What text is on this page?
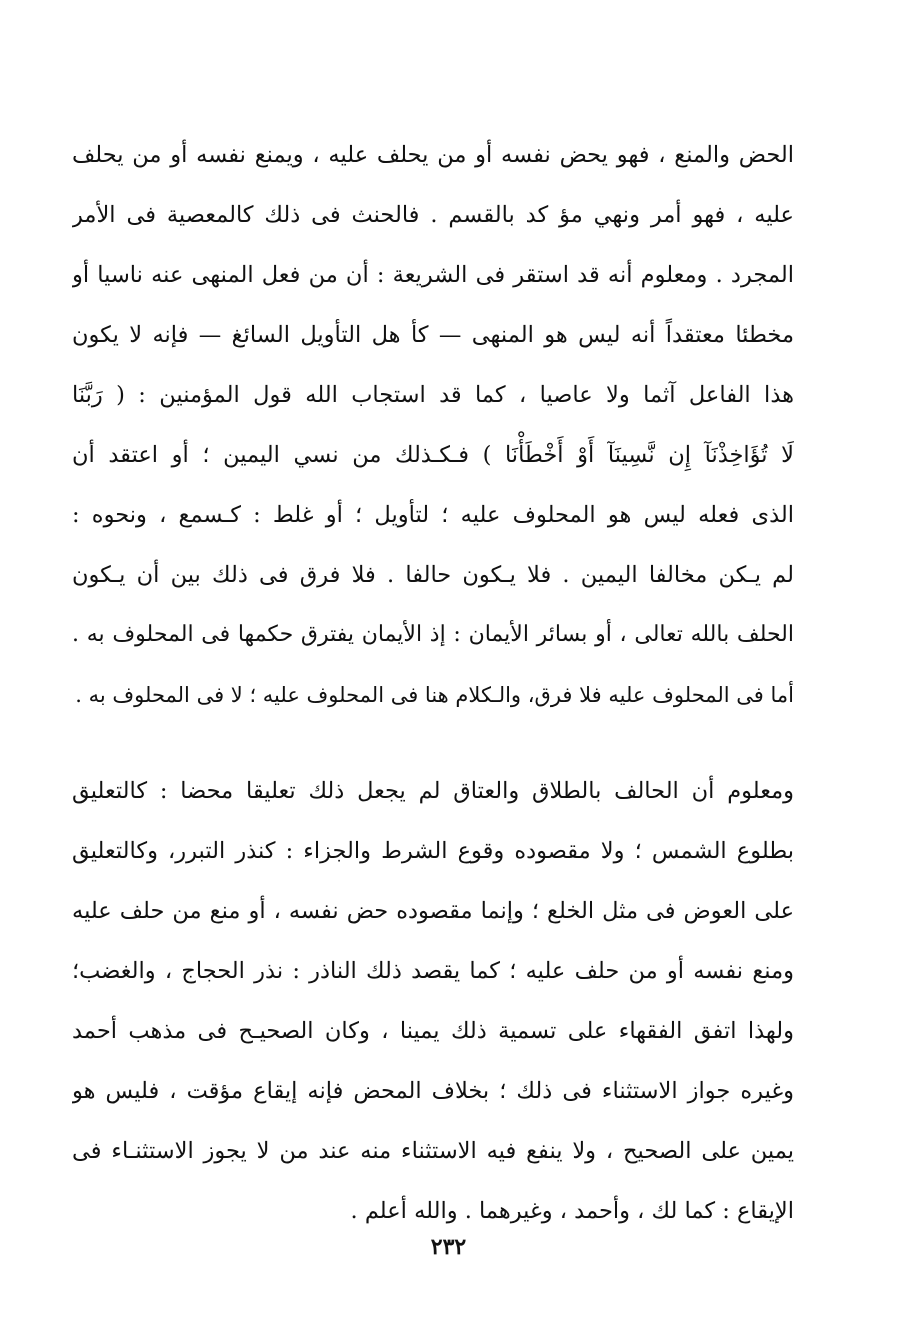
الحض والمنع ، فهو يحض نفسه أو من يحلف عليه ، ويمنع نفسه أو من يحلف
عليه ، فهو أمر ونهي مؤ كد بالقسم . فالحنث فى ذلك كالمعصية فى الأمر
المجرد . ومعلوم أنه قد استقر فى الشريعة : أن من فعل المنهى عنه ناسيا أو
مخطئا معتقداً أنه ليس هو المنهى — كأ هل التأويل السائغ — فإنه لا يكون
هذا الفاعل آثما ولا عاصيا ، كما قد استجاب الله قول المؤمنين : ( رَبَّنَا
لَا تُؤَاخِذْنَآ إِن نَّسِينَآ أَوْ أَخْطَأْنَا ) فـكـذلك من نسي اليمين ؛ أو اعتقد أن
الذى فعله ليس هو المحلوف عليه ؛ لتأويل ؛ أو غلط : كـسمع ، ونحوه :
لم يـكن مخالفا اليمين . فلا يـكون حالفا . فلا فرق فى ذلك بين أن يـكون
الحلف بالله تعالى ، أو بسائر الأيمان : إذ الأيمان يفترق حكمها فى المحلوف به .
أما فى المحلوف عليه فلا فرق، والـكلام هنا فى المحلوف عليه ؛ لا فى المحلوف به .
ومعلوم أن الحالف بالطلاق والعتاق لم يجعل ذلك تعليقا محضا : كالتعليق
بطلوع الشمس ؛ ولا مقصوده وقوع الشرط والجزاء : كنذر التبرر، وكالتعليق
على العوض فى مثل الخلع ؛ وإنما مقصوده حض نفسه ، أو منع من حلف عليه
ومنع نفسه أو من حلف عليه ؛ كما يقصد ذلك الناذر : نذر الحجاج ، والغضب؛
ولهذا اتفق الفقهاء على تسمية ذلك يمينا ، وكان الصحيـح فى مذهب أحمد
وغيره جواز الاستثناء فى ذلك ؛ بخلاف المحض فإنه إيقاع مؤقت ، فليس هو
يمين على الصحيح ، ولا ينفع فيه الاستثناء منه عند من لا يجوز الاستثنـاء فى
الإيقاع : كما لك ، وأحمد ، وغيرهما . والله أعلم .
٢٣٢
